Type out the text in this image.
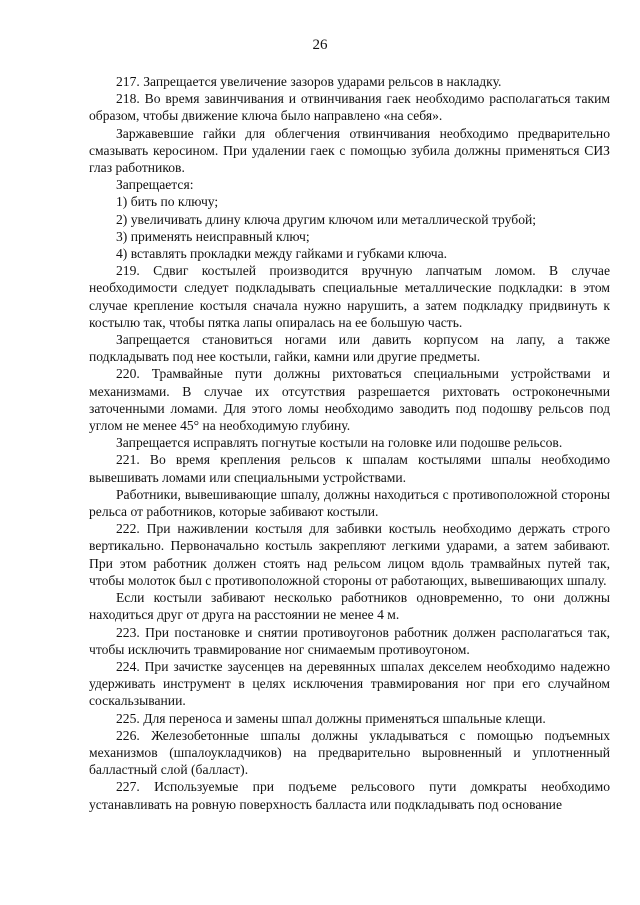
26

217. Запрещается увеличение зазоров ударами рельсов в накладку.

218. Во время завинчивания и отвинчивания гаек необходимо располагаться таким образом, чтобы движение ключа было направлено «на себя».

Заржавевшие гайки для облегчения отвинчивания необходимо предварительно смазывать керосином. При удалении гаек с помощью зубила должны применяться СИЗ глаз работников.

Запрещается:

1) бить по ключу;

2) увеличивать длину ключа другим ключом или металлической трубой;

3) применять неисправный ключ;

4) вставлять прокладки между гайками и губками ключа.

219. Сдвиг костылей производится вручную лапчатым ломом. В случае необходимости следует подкладывать специальные металлические подкладки: в этом случае крепление костыля сначала нужно нарушить, а затем подкладку придвинуть к костылю так, чтобы пятка лапы опиралась на ее большую часть.

Запрещается становиться ногами или давить корпусом на лапу, а также подкладывать под нее костыли, гайки, камни или другие предметы.

220. Трамвайные пути должны рихтоваться специальными устройствами и механизмами. В случае их отсутствия разрешается рихтовать остроконечными заточенными ломами. Для этого ломы необходимо заводить под подошву рельсов под углом не менее 45° на необходимую глубину.

Запрещается исправлять погнутые костыли на головке или подошве рельсов.

221. Во время крепления рельсов к шпалам костылями шпалы необходимо вывешивать ломами или специальными устройствами.

Работники, вывешивающие шпалу, должны находиться с противоположной стороны рельса от работников, которые забивают костыли.

222. При наживлении костыля для забивки костыль необходимо держать строго вертикально. Первоначально костыль закрепляют легкими ударами, а затем забивают. При этом работник должен стоять над рельсом лицом вдоль трамвайных путей так, чтобы молоток был с противоположной стороны от работающих, вывешивающих шпалу.

Если костыли забивают несколько работников одновременно, то они должны находиться друг от друга на расстоянии не менее 4 м.

223. При постановке и снятии противоугонов работник должен располагаться так, чтобы исключить травмирование ног снимаемым противоугоном.

224. При зачистке заусенцев на деревянных шпалах декселем необходимо надежно удерживать инструмент в целях исключения травмирования ног при его случайном соскальзывании.

225. Для переноса и замены шпал должны применяться шпальные клещи.

226. Железобетонные шпалы должны укладываться с помощью подъемных механизмов (шпалоукладчиков) на предварительно выровненный и уплотненный балластный слой (балласт).

227. Используемые при подъеме рельсового пути домкраты необходимо устанавливать на ровную поверхность балласта или подкладывать под основание
